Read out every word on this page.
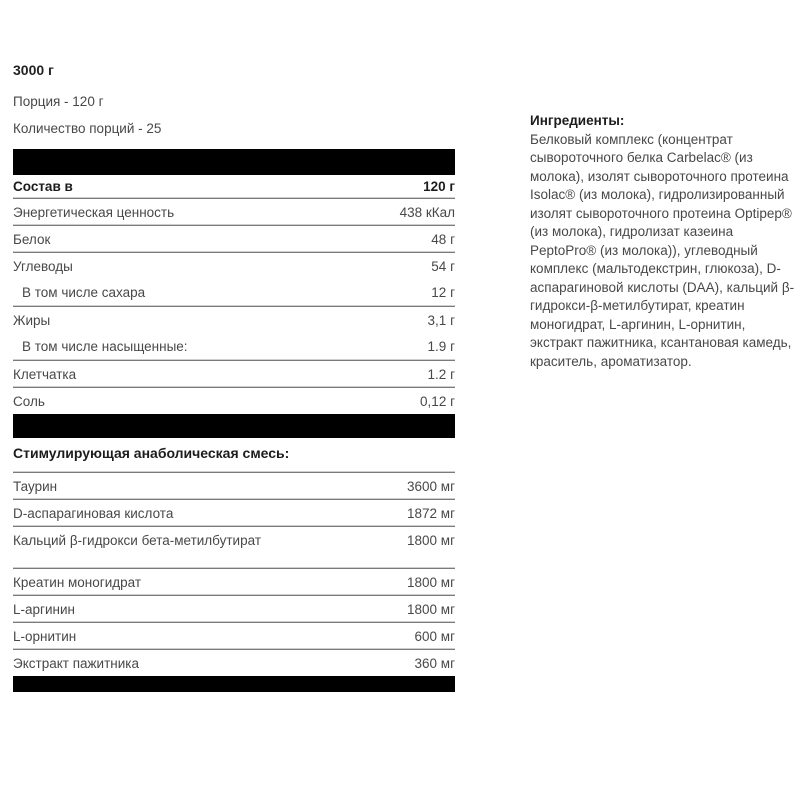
3000 г
Порция - 120 г
Количество порций - 25
Состав в	120 г
Энергетическая ценность	438 кКал
Белок	48 г
Углеводы	54 г
В том числе сахара	12 г
Жиры	3,1 г
В том числе насыщенные:	1.9 г
Клетчатка	1.2 г
Соль	0,12 г
Стимулирующая анаболическая смесь:
Таурин	3600 мг
D-аспарагиновая кислота	1872 мг
Кальций β-гидрокси бета-метилбутират	1800 мг
Креатин моногидрат	1800 мг
L-аргинин	1800 мг
L-орнитин	600 мг
Экстракт пажитника	360 мг
Ингредиенты:
Белковый комплекс (концентрат сывороточного белка Carbelac® (из молока), изолят сывороточного протеина Isolac® (из молока), гидролизированный изолят сывороточного протеина Optipep® (из молока), гидролизат казеина PeptoPro® (из молока)), углеводный комплекс (мальтодекстрин, глюкоза), D-аспарагиновой кислоты (DAA), кальций β-гидрокси-β-метилбутират, креатин моногидрат, L-аргинин, L-орнитин, экстракт пажитника, ксантановая камедь, краситель, ароматизатор.
